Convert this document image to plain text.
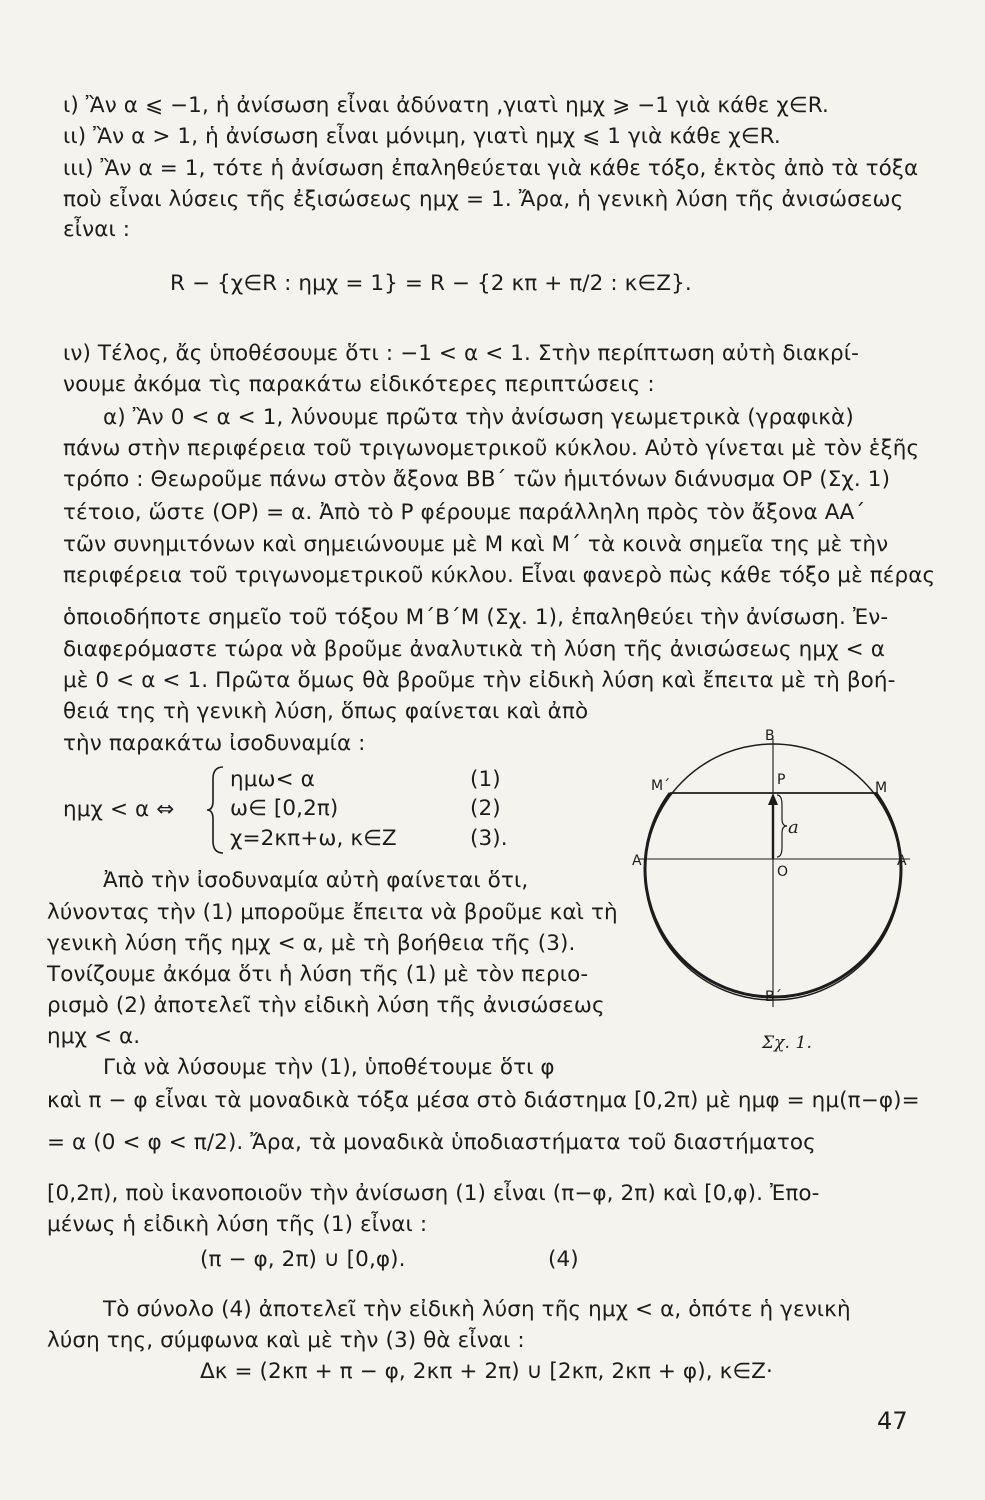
ι) Ἂν α ⩽ −1, ἡ ἀνίσωση εἶναι ἀδύνατη ,γιατὶ ημχ ⩾ −1 γιὰ κάθε χ∈R.
ιι) Ἂν α > 1, ἡ ἀνίσωση εἶναι μόνιμη, γιατὶ ημχ ⩽ 1 γιὰ κάθε χ∈R.
ιιι) Ἂν α = 1, τότε ἡ ἀνίσωση ἐπαληθεύεται γιὰ κάθε τόξο, ἐκτὸς ἀπὸ τὰ τόξα
ποὺ εἶναι λύσεις τῆς ἐξισώσεως ημχ = 1. Ἄρα, ἡ γενικὴ λύση τῆς ἀνισώσεως
εἶναι :
R − {χ∈R : ημχ = 1} = R − {2 κπ + π/2 : κ∈Z}.
ιν) Τέλος, ἄς ὑποθέσουμε ὅτι : −1 < α < 1. Στὴν περίπτωση αὐτὴ διακρί-
νουμε ἀκόμα τὶς παρακάτω εἰδικότερες περιπτώσεις :
α) Ἂν 0 < α < 1, λύνουμε πρῶτα τὴν ἀνίσωση γεωμετρικὰ (γραφικὰ)
πάνω στὴν περιφέρεια τοῦ τριγωνομετρικοῦ κύκλου. Αὐτὸ γίνεται μὲ τὸν ἑξῆς
τρόπο : Θεωροῦμε πάνω στὸν ἄξονα ΒΒ΄ τῶν ἡμιτόνων διάνυσμα OP (Σχ. 1)
τέτοιο, ὥστε (OP) = α. Ἀπὸ τὸ Ρ φέρουμε παράλληλη πρὸς τὸν ἄξονα ΑΑ΄
τῶν συνημιτόνων καὶ σημειώνουμε μὲ Μ καὶ Μ΄ τὰ κοινὰ σημεῖα της μὲ τὴν
περιφέρεια τοῦ τριγωνομετρικοῦ κύκλου. Εἶναι φανερὸ πὼς κάθε τόξο μὲ πέρας
ὁποιοδήποτε σημεῖο τοῦ τόξου Μ΄Β΄Μ (Σχ. 1), ἐπαληθεύει τὴν ἀνίσωση. Ἐν-
διαφερόμαστε τώρα νὰ βροῦμε ἀναλυτικὰ τὴ λύση τῆς ἀνισώσεως ημχ < α
μὲ 0 < α < 1. Πρῶτα ὅμως θὰ βροῦμε τὴν εἰδικὴ λύση καὶ ἔπειτα μὲ τὴ βοή-
θειά της τὴ γενικὴ λύση, ὅπως φαίνεται καὶ ἀπὸ
τὴν παρακάτω ἰσοδυναμία :
ημχ < α ⇔
ημω< α	(1)
ω∈ [0,2π)	(2)
χ=2κπ+ω, κ∈Z	(3).
Ἀπὸ τὴν ἰσοδυναμία αὐτὴ φαίνεται ὅτι,
λύνοντας τὴν (1) μποροῦμε ἔπειτα νὰ βροῦμε καὶ τὴ
γενικὴ λύση τῆς ημχ < α, μὲ τὴ βοήθεια τῆς (3).
Τονίζουμε ἀκόμα ὅτι ἡ λύση τῆς (1) μὲ τὸν περιο-
ρισμὸ (2) ἀποτελεῖ τὴν εἰδικὴ λύση τῆς ἀνισώσεως
ημχ < α.
Γιὰ νὰ λύσουμε τὴν (1), ὑποθέτουμε ὅτι φ
B
B΄
A
A΄
M
M΄	P
O
a
Σχ. 1.
καὶ π − φ εἶναι τὰ μοναδικὰ τόξα μέσα στὸ διάστημα [0,2π) μὲ ημφ = ημ(π−φ)=
= α (0 < φ < π/2). Ἄρα, τὰ μοναδικὰ ὑποδιαστήματα τοῦ διαστήματος
[0,2π), ποὺ ἱκανοποιοῦν τὴν ἀνίσωση (1) εἶναι (π−φ, 2π) καὶ [0,φ). Ἐπο-
μένως ἡ εἰδικὴ λύση τῆς (1) εἶναι :
(π − φ, 2π) ∪ [0,φ).	(4)
Τὸ σύνολο (4) ἀποτελεῖ τὴν εἰδικὴ λύση τῆς ημχ < α, ὁπότε ἡ γενικὴ
λύση της, σύμφωνα καὶ μὲ τὴν (3) θὰ εἶναι :
Δκ = (2κπ + π − φ, 2κπ + 2π) ∪ [2κπ, 2κπ + φ), κ∈Z·
47
